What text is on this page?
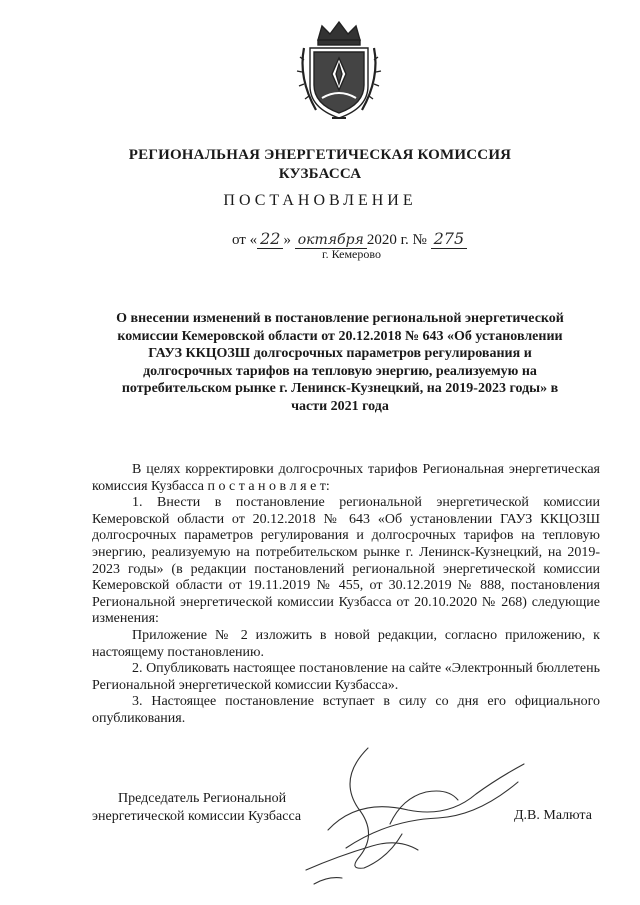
РЕГИОНАЛЬНАЯ ЭНЕРГЕТИЧЕСКАЯ КОМИССИЯ
КУЗБАССА
ПОСТАНОВЛЕНИЕ
от « 22 » октября 2020 г. № 275
г. Кемерово
О внесении изменений в постановление региональной энергетической комиссии Кемеровской области от 20.12.2018 № 643 «Об установлении ГАУЗ ККЦОЗШ долгосрочных параметров регулирования и долгосрочных тарифов на тепловую энергию, реализуемую на потребительском рынке г. Ленинск-Кузнецкий, на 2019-2023 годы» в части 2021 года

В целях корректировки долгосрочных тарифов Региональная энергетическая комиссия Кузбасса п о с т а н о в л я е т:

1. Внести в постановление региональной энергетической комиссии Кемеровской области от 20.12.2018 № 643 «Об установлении ГАУЗ ККЦОЗШ долгосрочных параметров регулирования и долгосрочных тарифов на тепловую энергию, реализуемую на потребительском рынке г. Ленинск-Кузнецкий, на 2019-2023 годы» (в редакции постановлений региональной энергетической комиссии Кемеровской области от 19.11.2019 № 455, от 30.12.2019 № 888, постановления Региональной энергетической комиссии Кузбасса от 20.10.2020 № 268) следующие изменения:

Приложение № 2 изложить в новой редакции, согласно приложению, к настоящему постановлению.

2. Опубликовать настоящее постановление на сайте «Электронный бюллетень Региональной энергетической комиссии Кузбасса».

3. Настоящее постановление вступает в силу со дня его официального опубликования.

Председатель Региональной
энергетической комиссии Кузбасса	Д.В. Малюта
